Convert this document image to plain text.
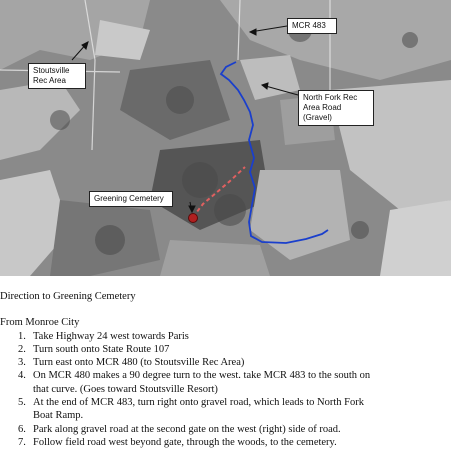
MCR 483
Stoutsville Rec Area
North Fork Rec Area Road (Gravel)
Greening Cemetery
Direction to Greening Cemetery
From Monroe City
1. Take Highway 24 west towards Paris
2. Turn south onto State Route 107
3. Turn east onto MCR 480 (to Stoutsville Rec Area)
4. On MCR 480 makes a 90 degree turn to the west. take MCR 483 to the south on
that curve. (Goes toward Stoutsville Resort)
5. At the end of MCR 483, turn right onto gravel road, which leads to North Fork
Boat Ramp.
6. Park along gravel road at the second gate on the west (right) side of road.
7. Follow field road west beyond gate, through the woods, to the cemetery.
